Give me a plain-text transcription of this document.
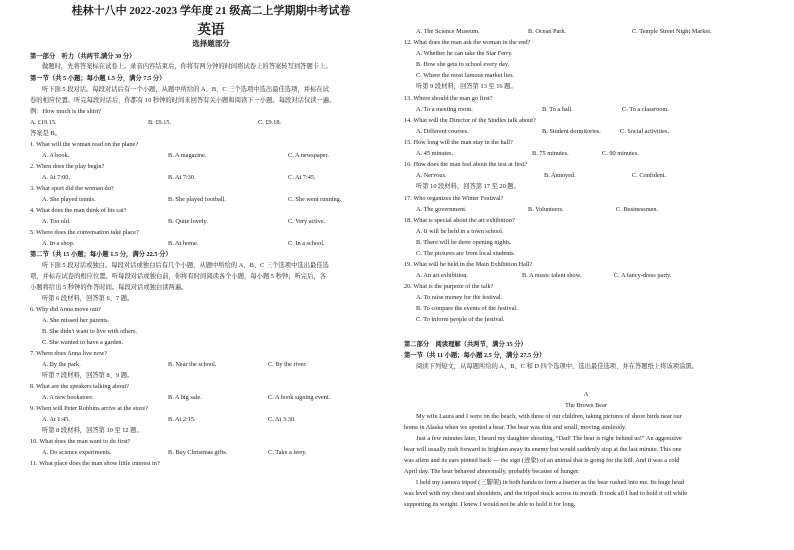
桂林十八中 2022-2023 学年度 21 级高二上学期期中考试卷
英语
选择题部分
第一部分　听力（共两节,满分 30 分）
做题时，先将答案标在试卷上。录音内容结束后，你将有两分钟的时间将试卷上的答案转写到答题卡上。
第一节（共 5 小题；每小题 1.5 分，满分 7.5 分）
听下面 5 段对话。每段对话后有一个小题，从题中所给的 A、B、C 三个选项中选出最佳选项，并标在试
卷的相应位置。听完每段对话后，你都有 10 秒钟的时间来回答有关小题和阅读下一小题。每段对话仅读一遍。
例：How much is the shirt?
A. £19.15.	B. £9.15.	C. £9.18.
答案是 B。
1. What will the woman read on the plane?
A. A book.	B. A magazine.	C. A newspaper.
2. When does the play begin?
A. At 7:00.	B. At 7:30.	C. At 7:45.
3. What sport did the woman do?
A. She played tennis.	B. She played football.	C. She went running.
4. What does the man think of his cat?
A. Too old.	B. Quite lovely.	C. Very active.
5. Where does the conversation take place?
A. In a shop.	B. At home.	C. In a school.
第二节（共 15 小题；每小题 1.5 分，满分 22.5 分）
听下面 5 段对话或独白。每段对话或独白后有几个小题，从题中所给的 A、B、C 三个选项中选出最佳选
项，并标在试卷的相应位置。听每段对话或独白前，你将有时间阅读各个小题，每小题 5 秒钟；听完后，各
小题将给出 5 秒钟的作答时间。每段对话或独白读两遍。
听第 6 段材料，回答第 6、7 题。
6. Why did Anna move out?
A. She missed her parents.
B. She didn't want to live with others.
C. She wanted to have a garden.
7. Where does Anna live now?
A. By the park.	B. Near the school.	C. By the river.
听第 7 段材料，回答第 8、9 题。
8. What are the speakers talking about?
A. A new bookstore.	B. A big sale.	C. A book signing event.
9. When will Peter Robbins arrive at the store?
A. At 1:45.	B. At 2:15.	C. At 3:30.
听第 8 段材料，回答第 10 至 12 题。
10. What does the man want to do first?
A. Do science experiments.	B. Buy Christmas gifts.	C. Take a ferry.
11. What place does the man show little interest in?
A. The Science Museum.	B. Ocean Park.	C. Temple Street Night Market.
12. What does the man ask the woman in the end?
A. Whether he can take the Star Ferry.
B. How she gets to school every day.
C. Where the most famous market lies.
听第 9 段材料，回答第 13 至 16 题。
13. Where should the man go first?
A. To a meeting room.	B. To a hall.	C. To a classroom.
14. What will the Director of the Studies talk about?
A. Different courses.	B. Student dormitories.	C. Social activities.
15. How long will the man stay in the hall?
A. 45 minutes.	B. 75 minutes.	C. 90 minutes.
16. How does the man feel about the test at first?
A. Nervous.	B. Annoyed.	C. Confident.
听第 10 段材料，回答第 17 至 20 题。
17. Who organizes the Winter Festival?
A. The government.	B. Volunteers.	C. Businessmen.
18. What is special about the art exhibition?
A. It will be held in a town school.
B. There will be three opening nights.
C. The pictures are from local students.
19. What will be held in the Main Exhibition Hall?
A. An art exhibition.	B. A music talent show.	C. A fancy-dress party.
20. What is the purpose of the talk?
A. To raise money for the festival.
B. To compare the events of the festival.
C. To inform people of the festival.
第二部分　阅读理解（共两节，满分 35 分）
第一节（共 11 小题；每小题 2.5 分，满分 27.5 分）
阅读下列短文，从每题所给的 A、B、C 和 D 四个选项中，选出最佳选项，并在答题纸上将该项涂黑。
A
The Brown Bear
My wife Laura and I were on the beach, with three of our children, taking pictures of shore birds near our
home in Alaska when we spotted a bear. The bear was thin and small, moving aimlessly.
Just a few minutes later, I heard my daughter shouting, “Dad! The bear is right behind us!” An aggressive
bear will usually rush forward to frighten away its enemy but would suddenly stop at the last minute. This one
was silent and its ears pinned back — the sign (迹象) of an animal that is going for the kill. And it was a cold
April day. The bear behaved abnormally, probably because of hunger.
I held my camera tripod (三脚架) in both hands to form a barrier as the bear rushed into me. Its huge head
was level with my chest and shoulders, and the tripod stuck across its mouth. It took all I had to hold it off while
supporting its weight. I knew I would not be able to hold it for long.
